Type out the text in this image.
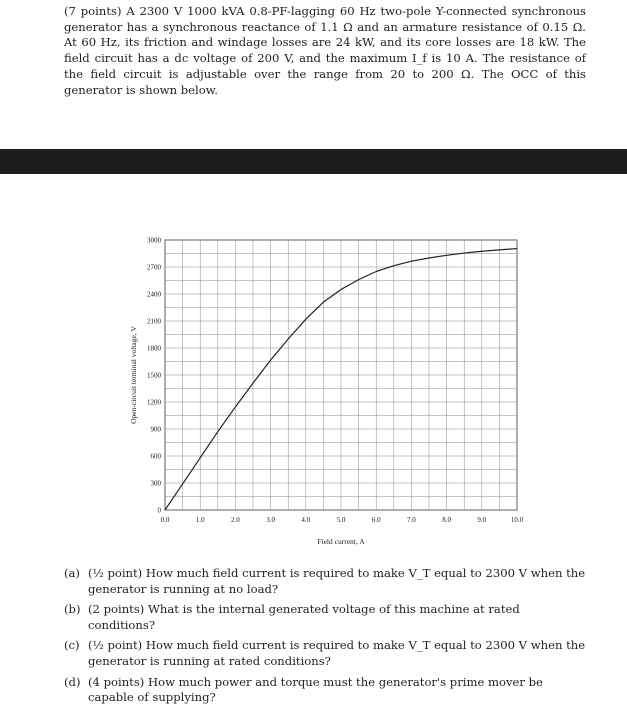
(7 points) A 2300 V 1000 kVA 0.8-PF-lagging 60 Hz two-pole Y-connected synchronous generator has a synchronous reactance of 1.1 Ω and an armature resistance of 0.15 Ω. At 60 Hz, its friction and windage losses are 24 kW, and its core losses are 18 kW. The field circuit has a dc voltage of 200 V, and the maximum I_f is 10 A. The resistance of the field circuit is adjustable over the range from 20 to 200 Ω. The OCC of this generator is shown below.
0.0	1.0	2.0	3.0	4.0	5.0	6.0	7.0	8.0	9.0	10.0
0
300
600
900
1200
1500
1800
2100
2400
2700
3000
Field current, A
Open-circuit terminal voltage, V
(a) (½ point) How much field current is required to make V_T equal to 2300 V when the generator is running at no load?
(b) (2 points) What is the internal generated voltage of this machine at rated conditions?
(c) (½ point) How much field current is required to make V_T equal to 2300 V when the generator is running at rated conditions?
(d) (4 points) How much power and torque must the generator's prime mover be capable of supplying?
